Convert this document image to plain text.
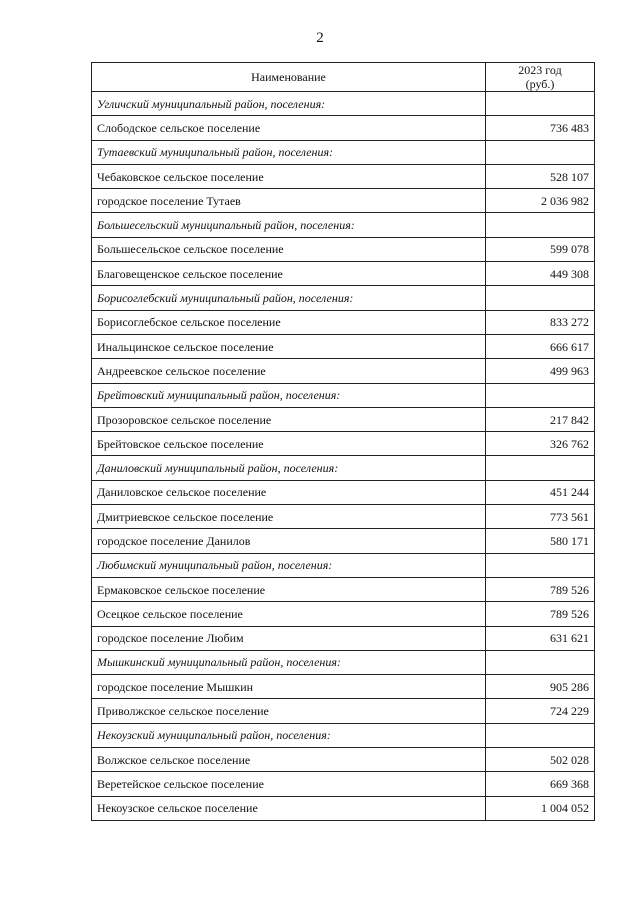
2
Наименование	2023 год
(руб.)
Угличский муниципальный район, поселения:	
Слободское сельское поселение	736 483
Тутаевский муниципальный район, поселения:	
Чебаковское сельское поселение	528 107
городское поселение Тутаев	2 036 982
Большесельский муниципальный район, поселения:	
Большесельское сельское поселение	599 078
Благовещенское сельское поселение	449 308
Борисоглебский муниципальный район, поселения:	
Борисоглебское сельское поселение	833 272
Инальцинское сельское поселение	666 617
Андреевское сельское поселение	499 963
Брейтовский муниципальный район, поселения:	
Прозоровское сельское поселение	217 842
Брейтовское сельское поселение	326 762
Даниловский муниципальный район, поселения:	
Даниловское сельское поселение	451 244
Дмитриевское сельское поселение	773 561
городское поселение Данилов	580 171
Любимский муниципальный район, поселения:	
Ермаковское сельское поселение	789 526
Осецкое сельское поселение	789 526
городское поселение Любим	631 621
Мышкинский муниципальный район, поселения:	
городское поселение Мышкин	905 286
Приволжское сельское поселение	724 229
Некоузский муниципальный район, поселения:	
Волжское сельское поселение	502 028
Веретейское сельское поселение	669 368
Некоузское сельское поселение	1 004 052
